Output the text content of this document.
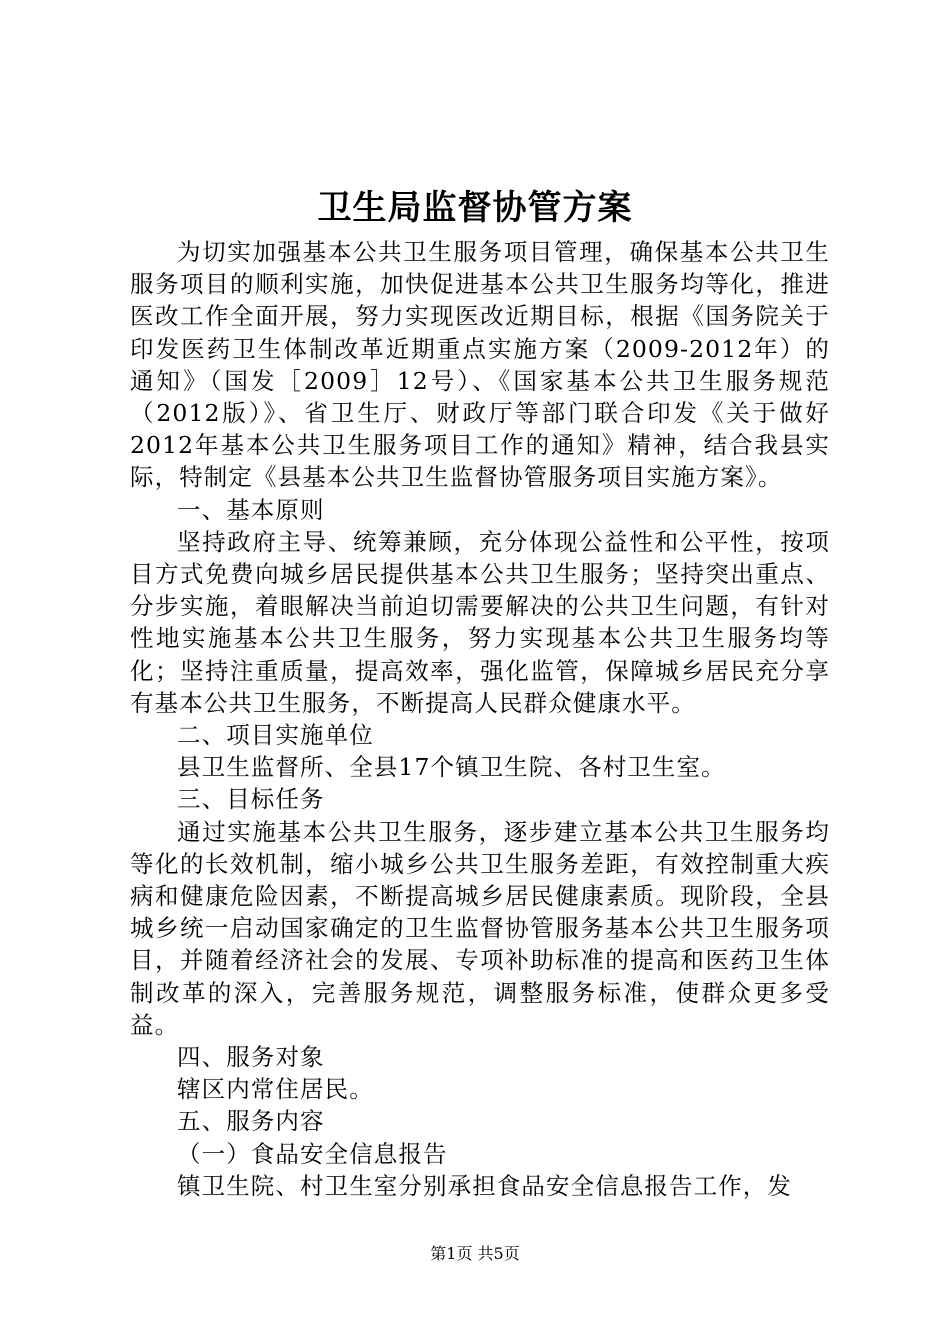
卫生局监督协管方案

为切实加强基本公共卫生服务项目管理，确保基本公共卫生服务项目的顺利实施，加快促进基本公共卫生服务均等化，推进医改工作全面开展，努力实现医改近期目标，根据《国务院关于印发医药卫生体制改革近期重点实施方案（2009-2012年）的通知》（国发［2009］12号）、《国家基本公共卫生服务规范（2012版）》、省卫生厅、财政厅等部门联合印发《关于做好2012年基本公共卫生服务项目工作的通知》精神，结合我县实际，特制定《县基本公共卫生监督协管服务项目实施方案》。

一、基本原则

坚持政府主导、统筹兼顾，充分体现公益性和公平性，按项目方式免费向城乡居民提供基本公共卫生服务；坚持突出重点、分步实施，着眼解决当前迫切需要解决的公共卫生问题，有针对性地实施基本公共卫生服务，努力实现基本公共卫生服务均等化；坚持注重质量，提高效率，强化监管，保障城乡居民充分享有基本公共卫生服务，不断提高人民群众健康水平。

二、项目实施单位

县卫生监督所、全县17个镇卫生院、各村卫生室。

三、目标任务

通过实施基本公共卫生服务，逐步建立基本公共卫生服务均等化的长效机制，缩小城乡公共卫生服务差距，有效控制重大疾病和健康危险因素，不断提高城乡居民健康素质。现阶段，全县城乡统一启动国家确定的卫生监督协管服务基本公共卫生服务项目，并随着经济社会的发展、专项补助标准的提高和医药卫生体制改革的深入，完善服务规范，调整服务标准，使群众更多受益。

四、服务对象

辖区内常住居民。

五、服务内容

（一）食品安全信息报告

镇卫生院、村卫生室分别承担食品安全信息报告工作，发

第1页 共5页
